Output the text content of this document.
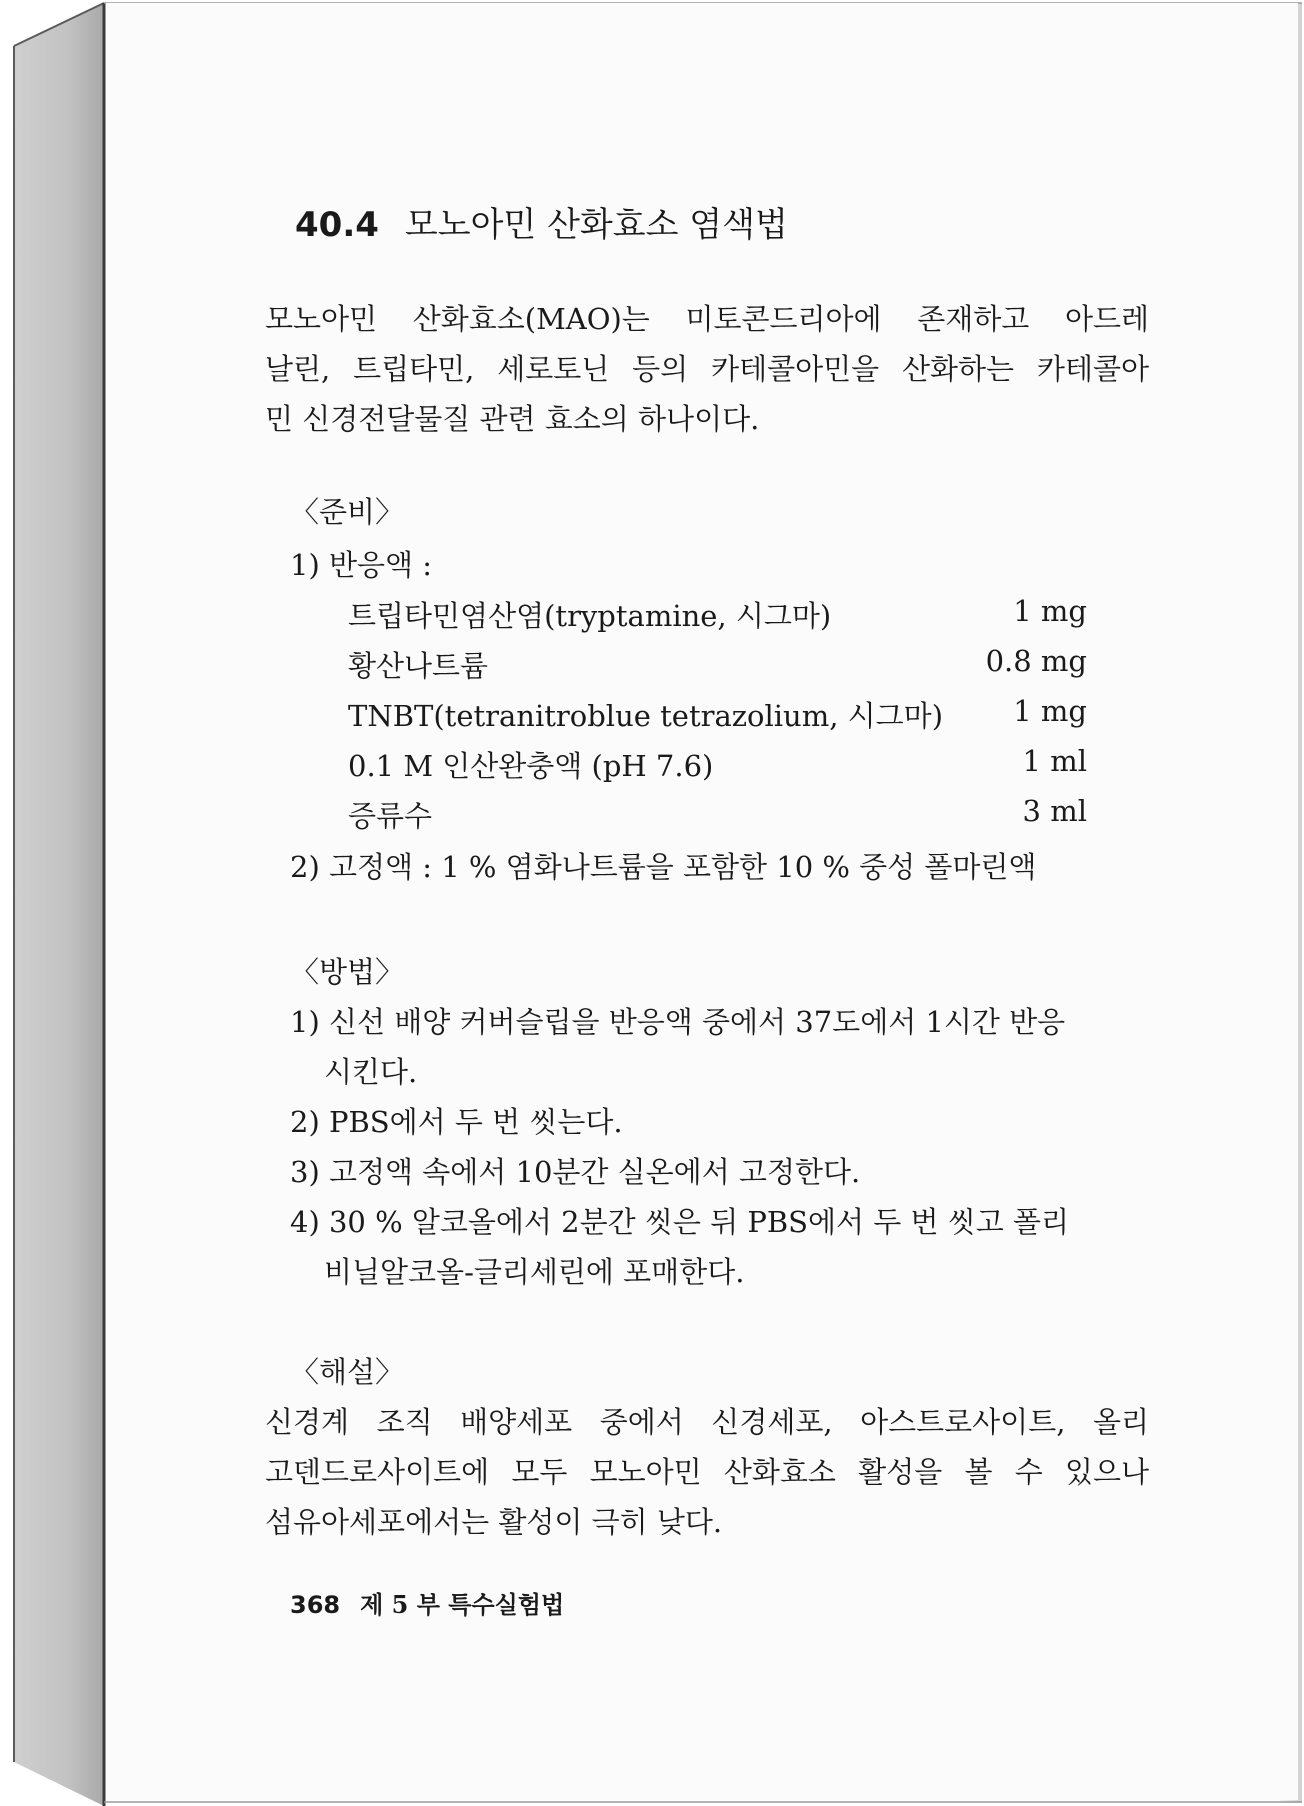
40.4 모노아민 산화효소 염색법
모노아민 산화효소(MAO)는 미토콘드리아에 존재하고 아드레
날린, 트립타민, 세로토닌 등의 카테콜아민을 산화하는 카테콜아
민 신경전달물질 관련 효소의 하나이다.
〈준비〉
1) 반응액 :
트립타민염산염(tryptamine, 시그마)	1 mg
황산나트륨	0.8 mg
TNBT(tetranitroblue tetrazolium, 시그마) 1 mg
0.1 M 인산완충액 (pH 7.6)	1 ml
증류수	3 ml
2) 고정액 : 1 % 염화나트륨을 포함한 10 % 중성 폴마린액
〈방법〉
1) 신선 배양 커버슬립을 반응액 중에서 37도에서 1시간 반응
시킨다.
2) PBS에서 두 번 씻는다.
3) 고정액 속에서 10분간 실온에서 고정한다.
4) 30 % 알코올에서 2분간 씻은 뒤 PBS에서 두 번 씻고 폴리
비닐알코올-글리세린에 포매한다.
〈해설〉
신경계 조직 배양세포 중에서 신경세포, 아스트로사이트, 올리
고덴드로사이트에 모두 모노아민 산화효소 활성을 볼 수 있으나
섬유아세포에서는 활성이 극히 낮다.
368 제 5 부 특수실험법
